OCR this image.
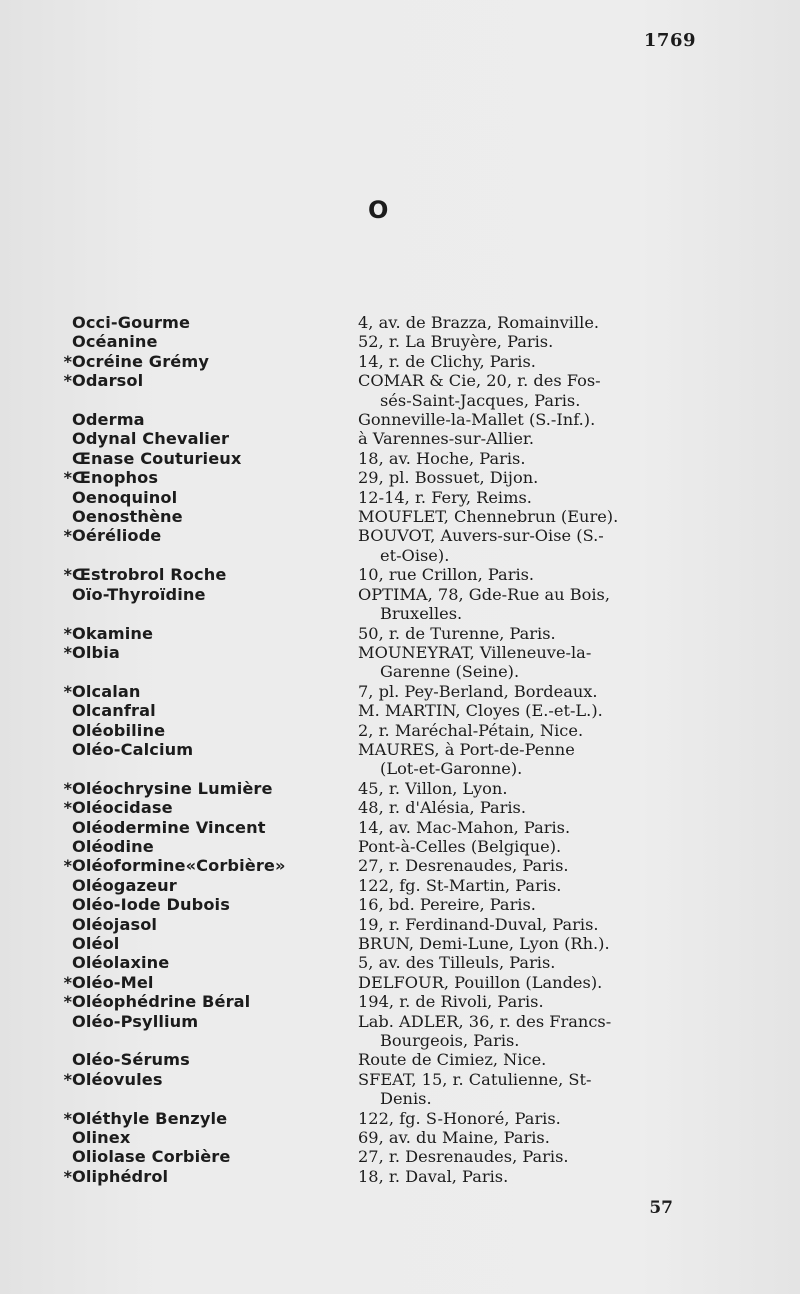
1769
O
Occi-Gourme	4, av. de Brazza, Romainville.
Océanine	52, r. La Bruyère, Paris.
* Ocréine Grémy	14, r. de Clichy, Paris.
* Odarsol	COMAR & Cie, 20, r. des Fos-
sés-Saint-Jacques, Paris.
Oderma	Gonneville-la-Mallet (S.-Inf.).
Odynal Chevalier	à Varennes-sur-Allier.
Œnase Couturieux	18, av. Hoche, Paris.
* Œnophos	29, pl. Bossuet, Dijon.
Oenoquinol	12-14, r. Fery, Reims.
Oenosthène	MOUFLET, Chennebrun (Eure).
* Oéréliode	BOUVOT, Auvers-sur-Oise (S.-
et-Oise).
* Œstrobrol Roche	10, rue Crillon, Paris.
Oïo-Thyroïdine	OPTIMA, 78, Gde-Rue au Bois,
Bruxelles.
* Okamine	50, r. de Turenne, Paris.
* Olbia	MOUNEYRAT, Villeneuve-la-
Garenne (Seine).
* Olcalan	7, pl. Pey-Berland, Bordeaux.
Olcanfral	M. MARTIN, Cloyes (E.-et-L.).
Oléobiline	2, r. Maréchal-Pétain, Nice.
Oléo-Calcium	MAURES, à Port-de-Penne
(Lot-et-Garonne).
* Oléochrysine Lumière	45, r. Villon, Lyon.
* Oléocidase	48, r. d'Alésia, Paris.
Oléodermine Vincent	14, av. Mac-Mahon, Paris.
Oléodine	Pont-à-Celles (Belgique).
* Oléoformine«Corbière»	27, r. Desrenaudes, Paris.
Oléogazeur	122, fg. St-Martin, Paris.
Oléo-Iode Dubois	16, bd. Pereire, Paris.
Oléojasol	19, r. Ferdinand-Duval, Paris.
Oléol	BRUN, Demi-Lune, Lyon (Rh.).
Oléolaxine	5, av. des Tilleuls, Paris.
* Oléo-Mel	DELFOUR, Pouillon (Landes).
* Oléophédrine Béral	194, r. de Rivoli, Paris.
Oléo-Psyllium	Lab. ADLER, 36, r. des Francs-
Bourgeois, Paris.
Oléo-Sérums	Route de Cimiez, Nice.
* Oléovules	SFEAT, 15, r. Catulienne, St-
Denis.
* Oléthyle Benzyle	122, fg. S-Honoré, Paris.
Olinex	69, av. du Maine, Paris.
Oliolase Corbière	27, r. Desrenaudes, Paris.
* Oliphédrol	18, r. Daval, Paris.
57
